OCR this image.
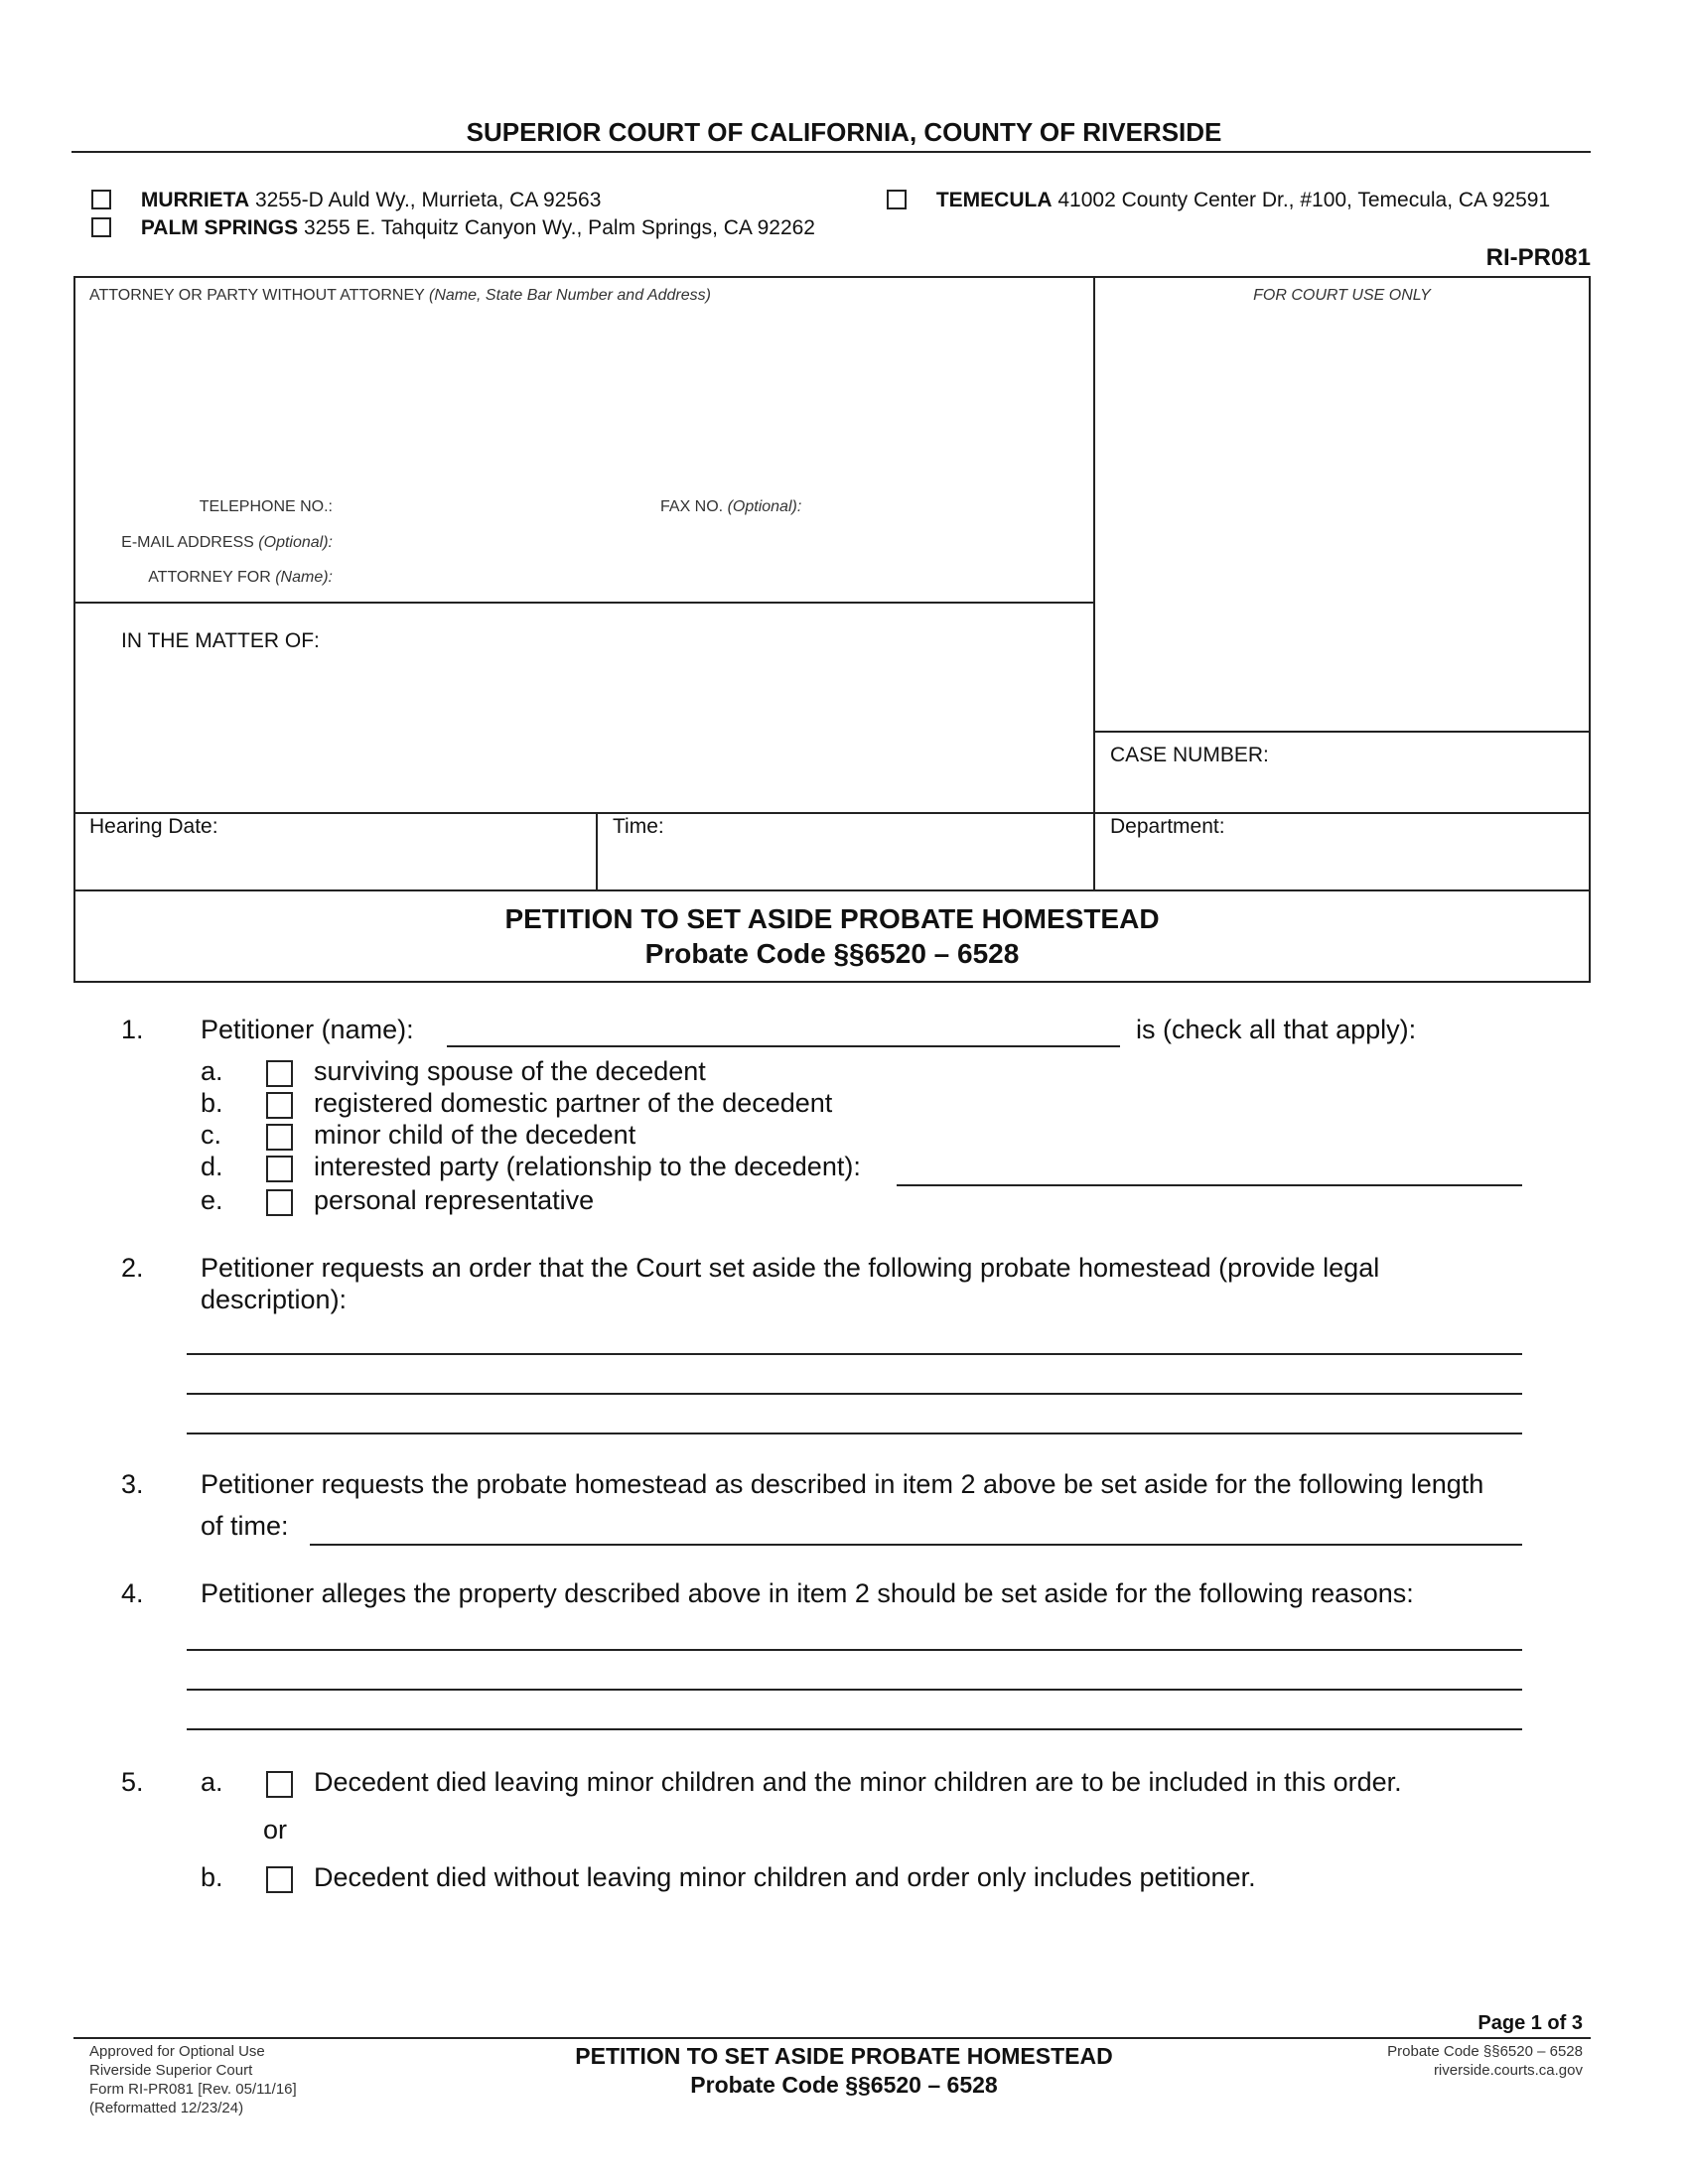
SUPERIOR COURT OF CALIFORNIA, COUNTY OF RIVERSIDE
MURRIETA 3255-D Auld Wy., Murrieta, CA 92563
PALM SPRINGS 3255 E. Tahquitz Canyon Wy., Palm Springs, CA 92262
TEMECULA 41002 County Center Dr., #100, Temecula, CA 92591
RI-PR081
ATTORNEY OR PARTY WITHOUT ATTORNEY (Name, State Bar Number and Address)	FOR COURT USE ONLY
TELEPHONE NO.:	FAX NO. (Optional):
E-MAIL ADDRESS (Optional):
ATTORNEY FOR (Name):
IN THE MATTER OF:
CASE NUMBER:
Hearing Date:	Time:	Department:
PETITION TO SET ASIDE PROBATE HOMESTEAD
Probate Code §§6520 – 6528
1. Petitioner (name):	is (check all that apply):
a.	surviving spouse of the decedent
b.	registered domestic partner of the decedent
c.	minor child of the decedent
d.	interested party (relationship to the decedent):
e.	personal representative
2. Petitioner requests an order that the Court set aside the following probate homestead (provide legal
description):
3. Petitioner requests the probate homestead as described in item 2 above be set aside for the following length
of time:
4. Petitioner alleges the property described above in item 2 should be set aside for the following reasons:
5. a.	Decedent died leaving minor children and the minor children are to be included in this order.
or
b.	Decedent died without leaving minor children and order only includes petitioner.
Page 1 of 3
Approved for Optional Use
Riverside Superior Court
Form RI-PR081 [Rev. 05/11/16]
(Reformatted 12/23/24)
PETITION TO SET ASIDE PROBATE HOMESTEAD
Probate Code §§6520 – 6528
Probate Code §§6520 – 6528
riverside.courts.ca.gov
